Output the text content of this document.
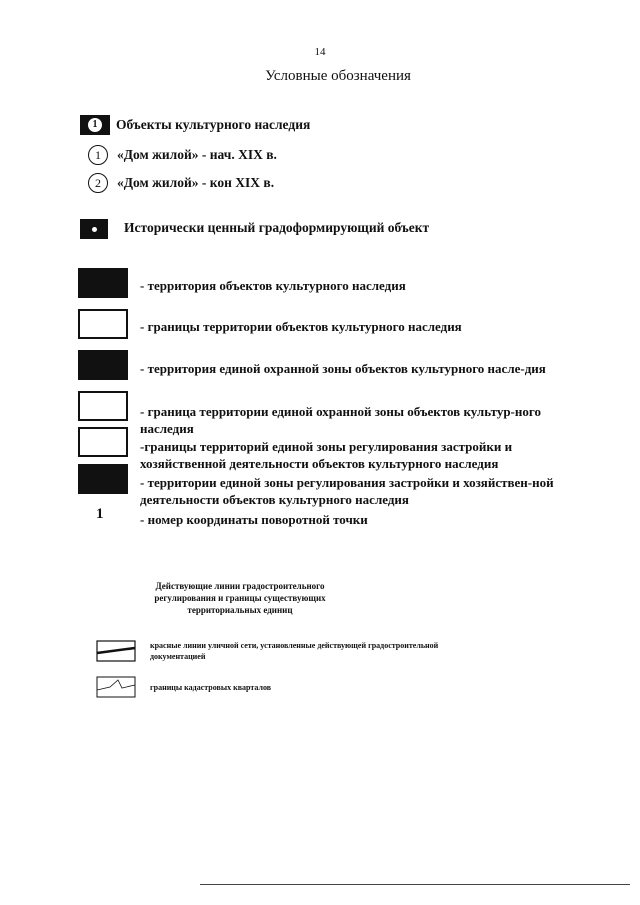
14
Условные обозначения
1	Объекты культурного наследия
1	«Дом жилой» - нач. XIX в.
2	«Дом жилой» - кон XIX в.
Исторически ценный градоформирующий объект
- территория объектов культурного наследия
- границы территории объектов культурного наследия
- территория единой охранной зоны объектов культурного насле-дия
- граница территории единой охранной зоны объектов культур-ного наследия
-границы территорий единой зоны регулирования застройки и хозяйственной деятельности объектов культурного наследия
- территории единой зоны регулирования застройки и хозяйствен-ной деятельности объектов культурного наследия
1	- номер координаты поворотной точки
Действующие линии градостроительного регулирования и границы существующих территориальных единиц
красные линии уличной сети, установленные действующей градостроительной документацией
границы кадастровых кварталов
